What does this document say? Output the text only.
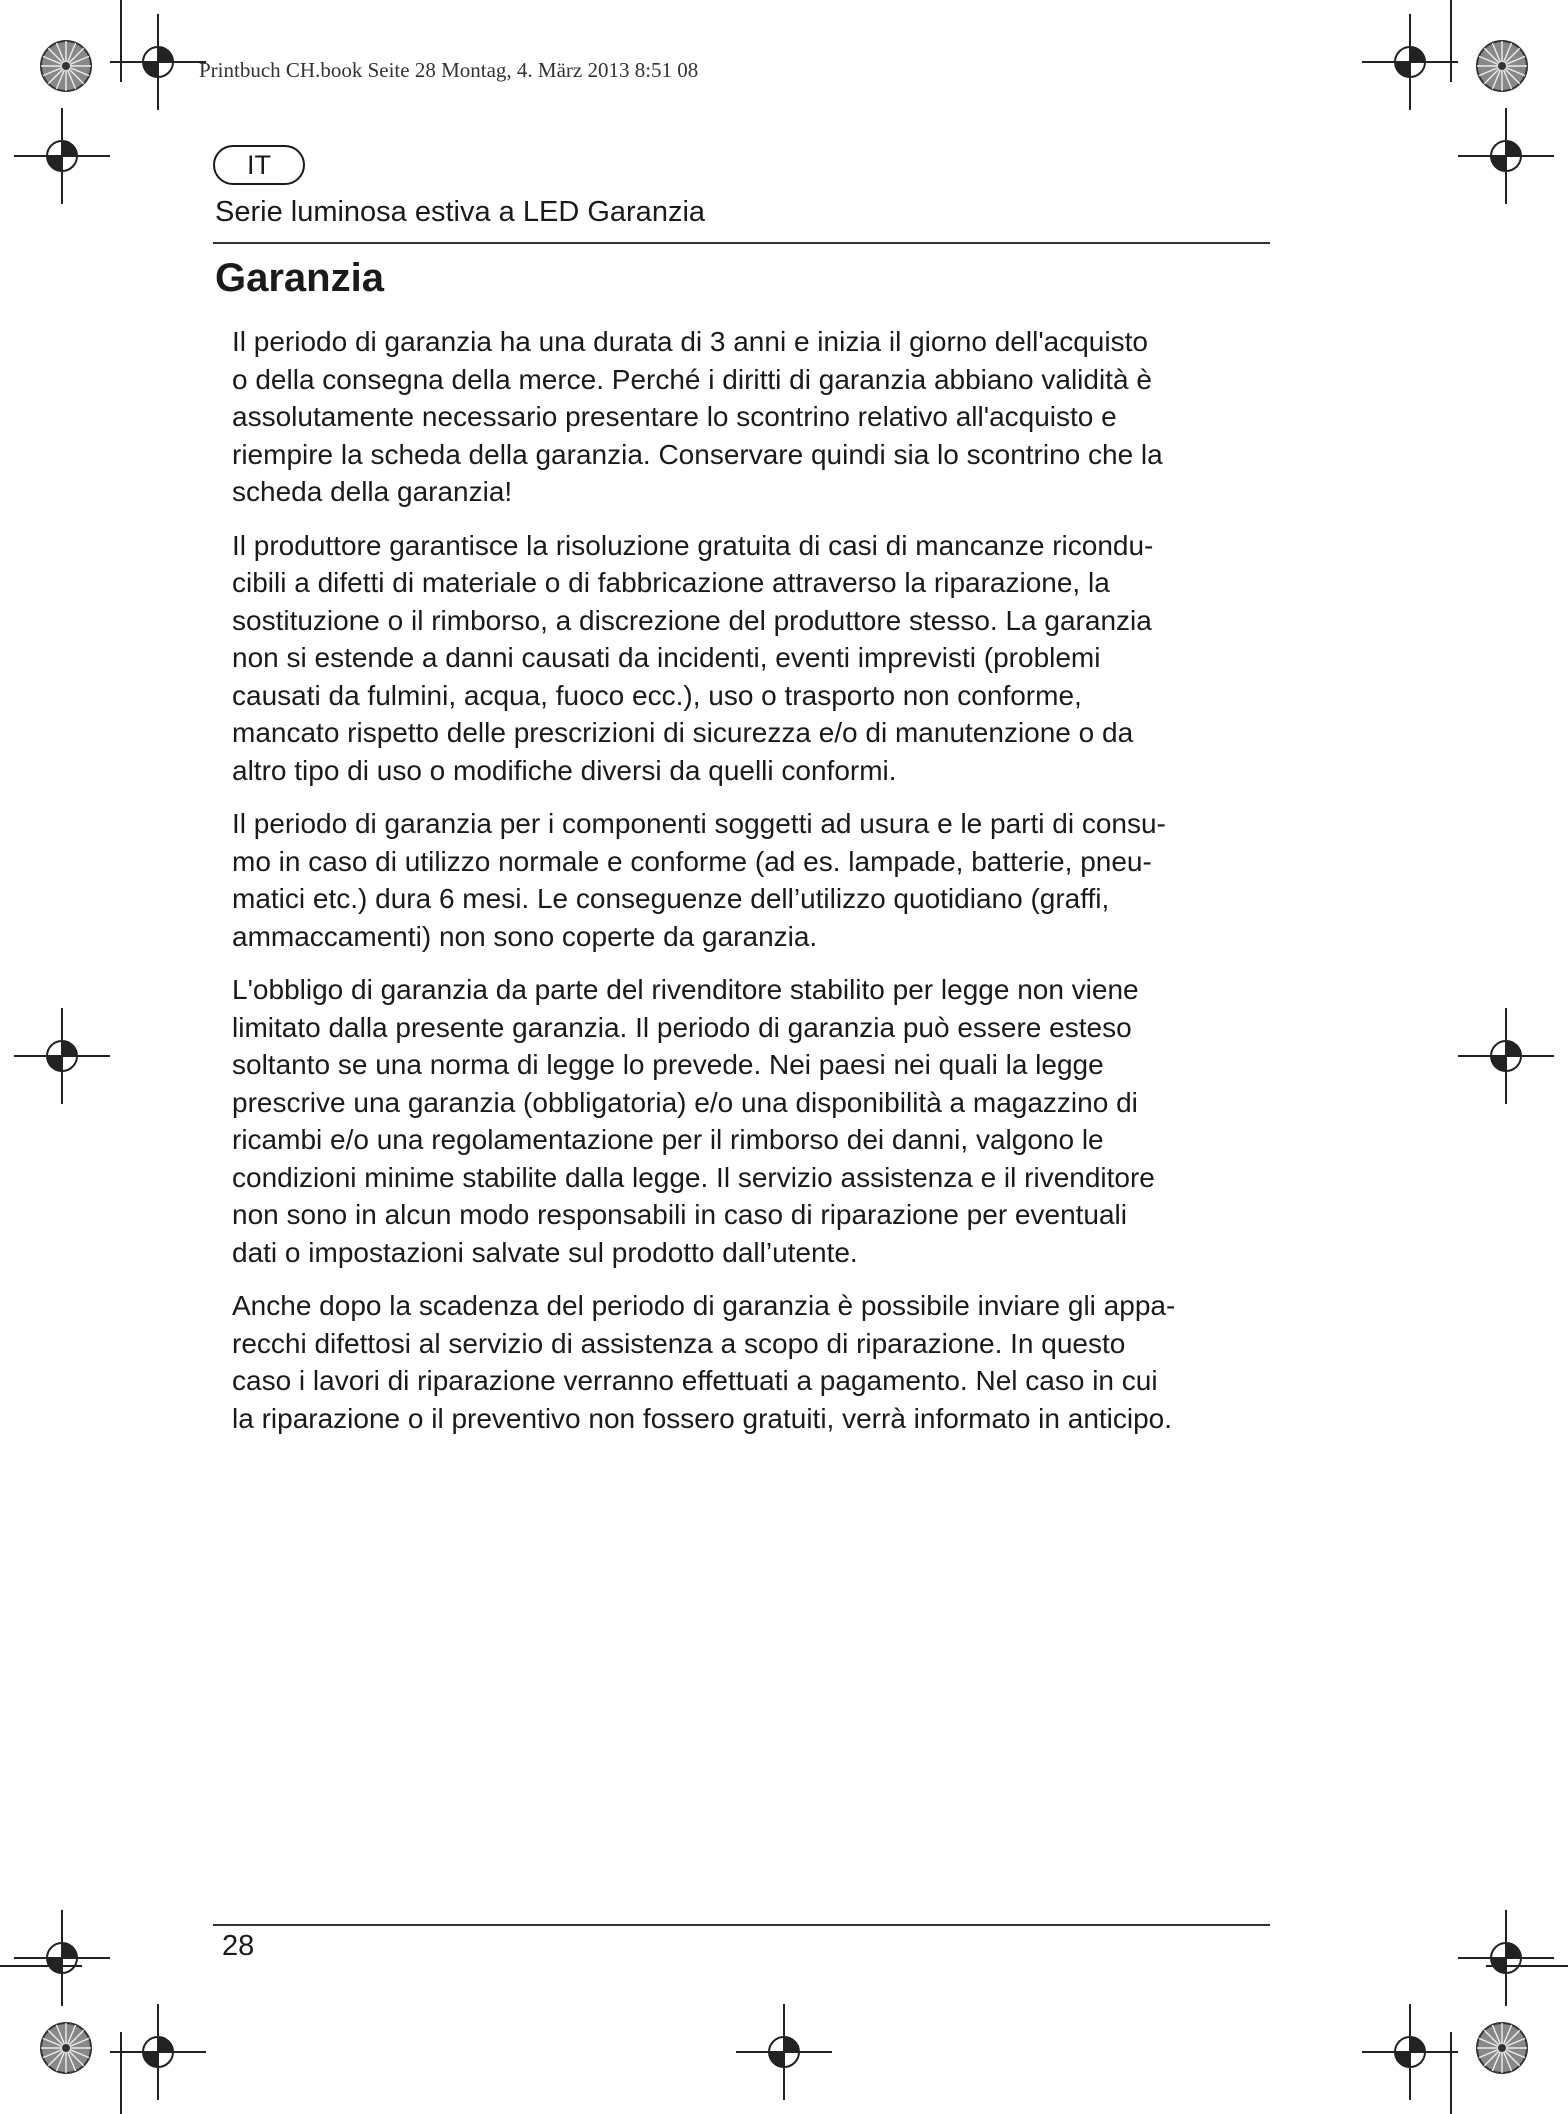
Printbuch CH.book Seite 28 Montag, 4. März 2013 8:51 08

IT
Serie luminosa estiva a LED Garanzia
Garanzia

Il periodo di garanzia ha una durata di 3 anni e inizia il giorno dell'acquisto
o della consegna della merce. Perché i diritti di garanzia abbiano validità è
assolutamente necessario presentare lo scontrino relativo all'acquisto e
riempire la scheda della garanzia. Conservare quindi sia lo scontrino che la
scheda della garanzia!

Il produttore garantisce la risoluzione gratuita di casi di mancanze ricondu-
cibili a difetti di materiale o di fabbricazione attraverso la riparazione, la
sostituzione o il rimborso, a discrezione del produttore stesso. La garanzia
non si estende a danni causati da incidenti, eventi imprevisti (problemi
causati da fulmini, acqua, fuoco ecc.), uso o trasporto non conforme,
mancato rispetto delle prescrizioni di sicurezza e/o di manutenzione o da
altro tipo di uso o modifiche diversi da quelli conformi.

Il periodo di garanzia per i componenti soggetti ad usura e le parti di consu-
mo in caso di utilizzo normale e conforme (ad es. lampade, batterie, pneu-
matici etc.) dura 6 mesi. Le conseguenze dell’utilizzo quotidiano (graffi,
ammaccamenti) non sono coperte da garanzia.

L'obbligo di garanzia da parte del rivenditore stabilito per legge non viene
limitato dalla presente garanzia. Il periodo di garanzia può essere esteso
soltanto se una norma di legge lo prevede. Nei paesi nei quali la legge
prescrive una garanzia (obbligatoria) e/o una disponibilità a magazzino di
ricambi e/o una regolamentazione per il rimborso dei danni, valgono le
condizioni minime stabilite dalla legge. Il servizio assistenza e il rivenditore
non sono in alcun modo responsabili in caso di riparazione per eventuali
dati o impostazioni salvate sul prodotto dall’utente.

Anche dopo la scadenza del periodo di garanzia è possibile inviare gli appa-
recchi difettosi al servizio di assistenza a scopo di riparazione. In questo
caso i lavori di riparazione verranno effettuati a pagamento. Nel caso in cui
la riparazione o il preventivo non fossero gratuiti, verrà informato in anticipo.

28
